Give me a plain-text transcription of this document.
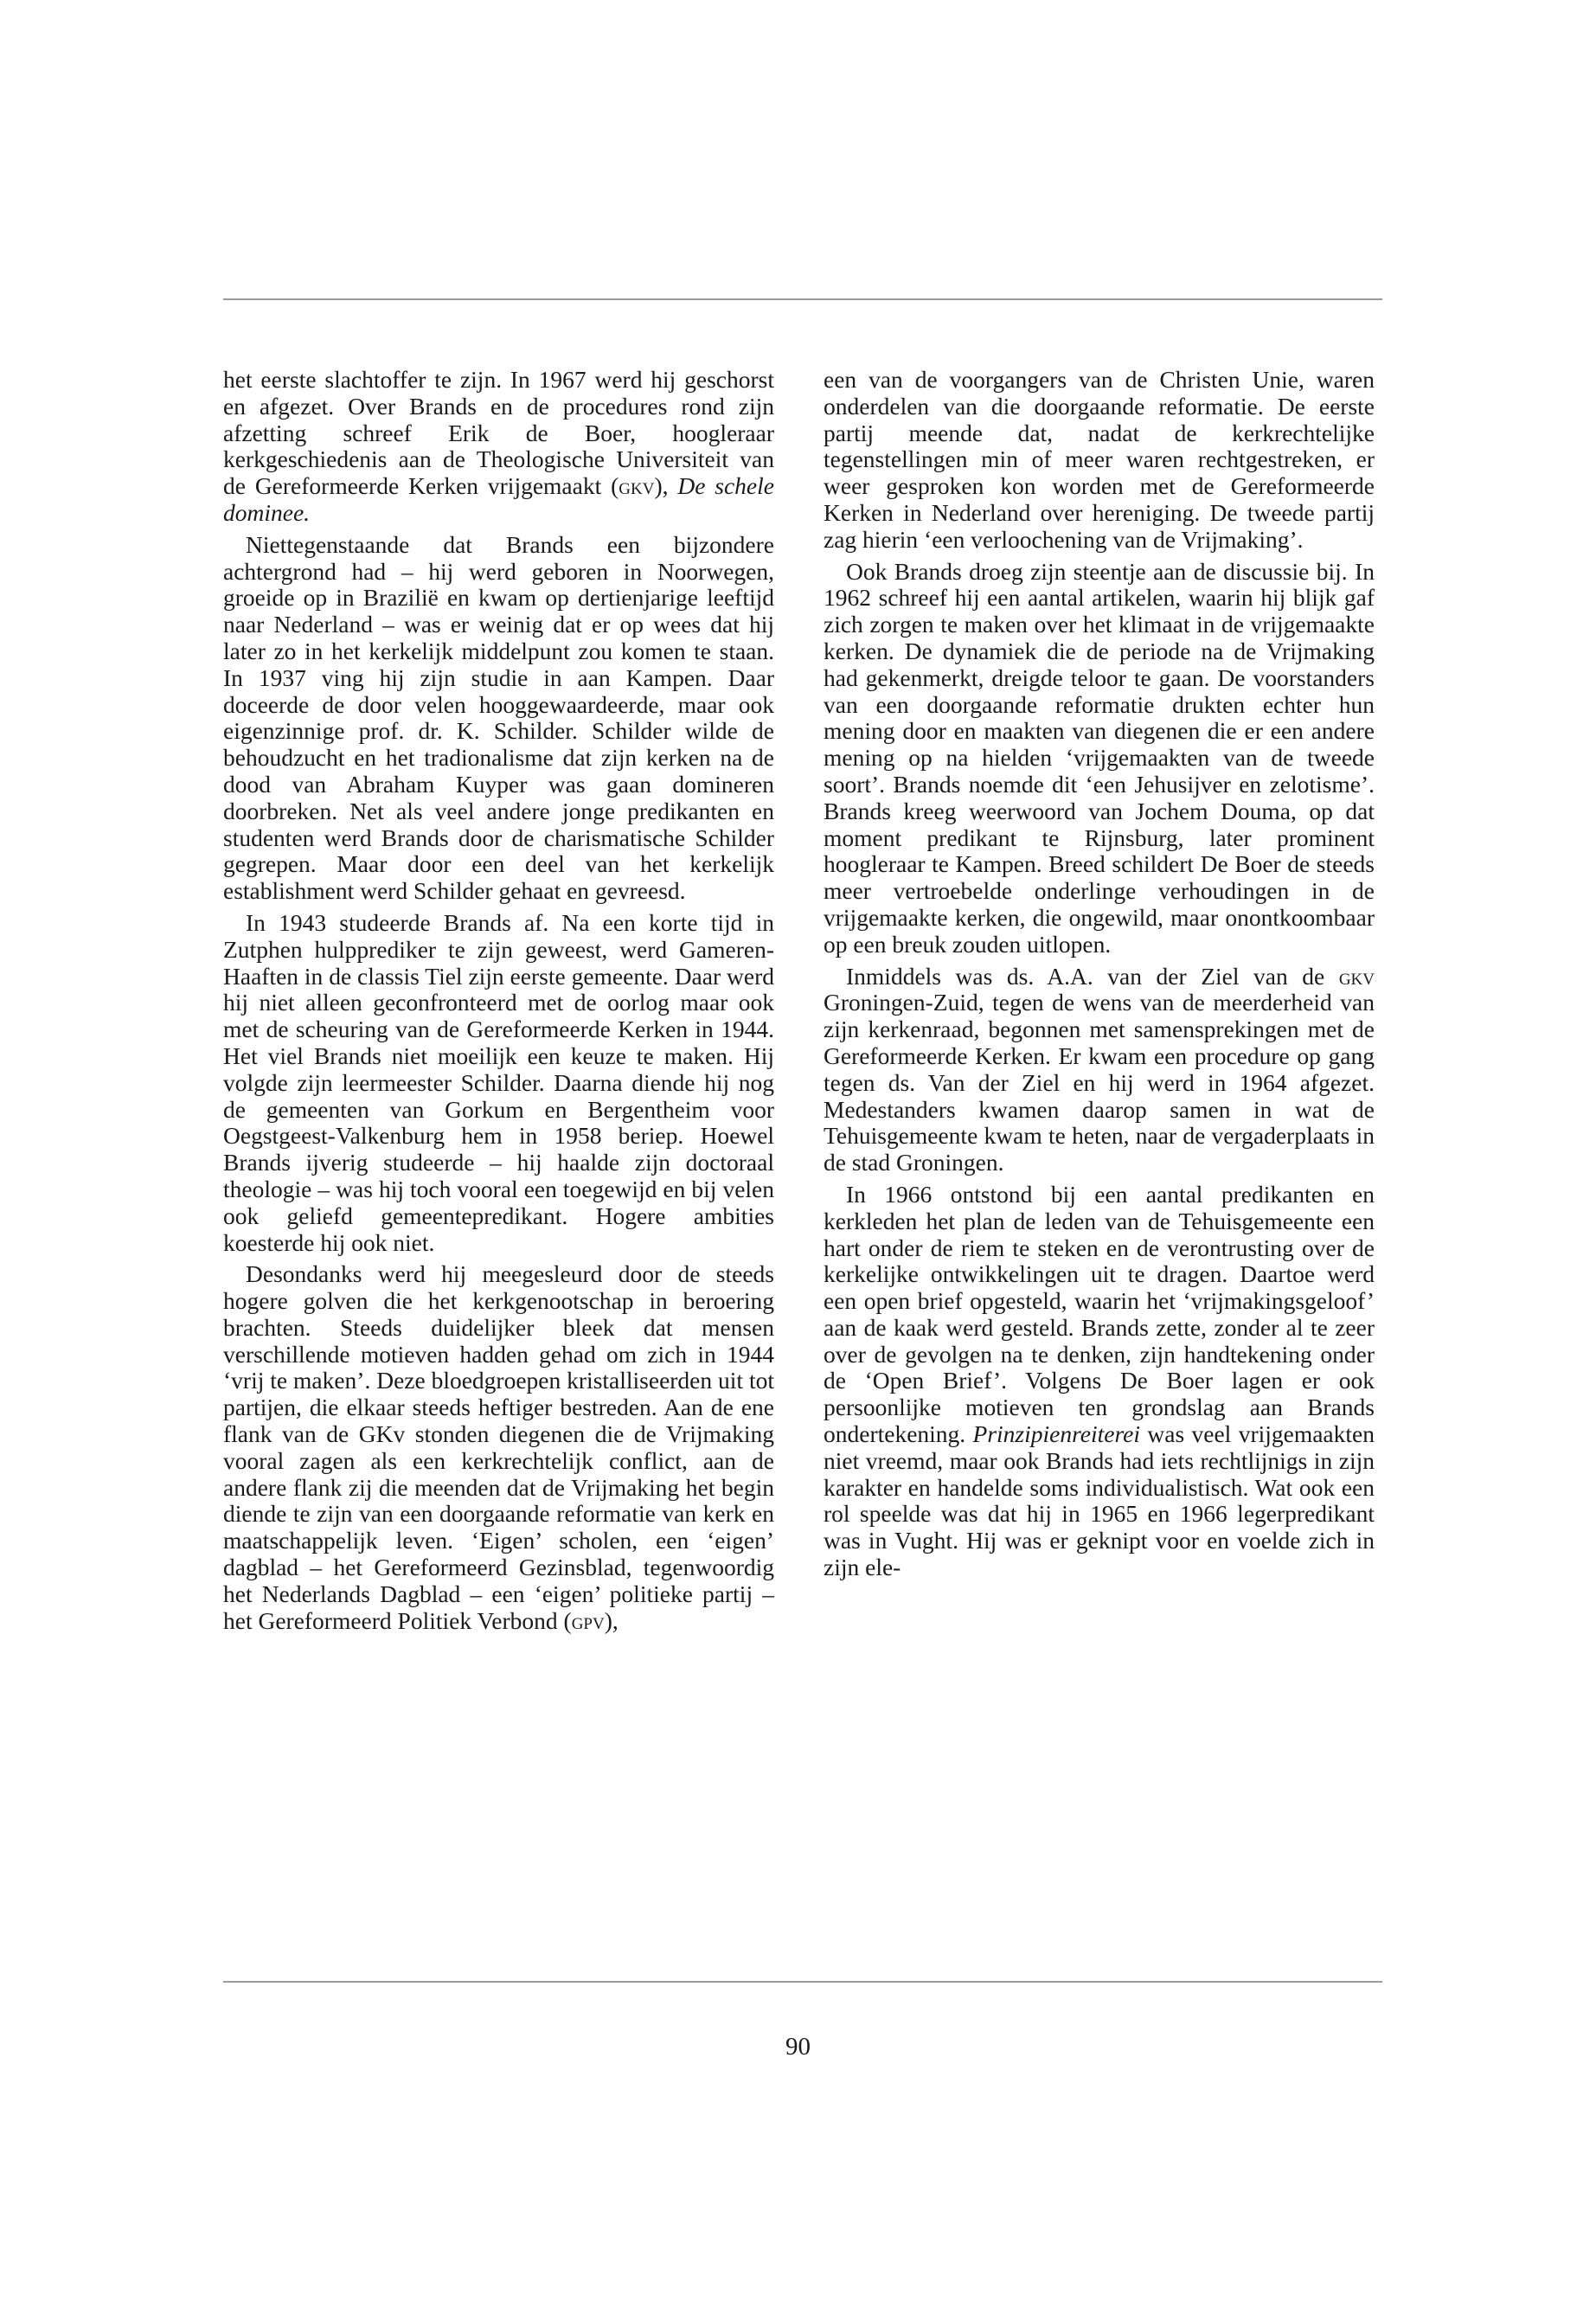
het eerste slachtoffer te zijn. In 1967 werd hij geschorst en afgezet. Over Brands en de procedures rond zijn afzetting schreef Erik de Boer, hoogleraar kerkgeschiedenis aan de Theologische Universiteit van de Gereformeerde Kerken vrijgemaakt (gkv), De schele dominee.

Niettegenstaande dat Brands een bijzondere achtergrond had – hij werd geboren in Noorwegen, groeide op in Brazilië en kwam op dertienjarige leeftijd naar Nederland – was er weinig dat er op wees dat hij later zo in het kerkelijk middelpunt zou komen te staan. In 1937 ving hij zijn studie in aan Kampen. Daar doceerde de door velen hooggewaardeerde, maar ook eigenzinnige prof. dr. K. Schilder. Schilder wilde de behoudzucht en het tradionalisme dat zijn kerken na de dood van Abraham Kuyper was gaan domineren doorbreken. Net als veel andere jonge predikanten en studenten werd Brands door de charismatische Schilder gegrepen. Maar door een deel van het kerkelijk establishment werd Schilder gehaat en gevreesd.

In 1943 studeerde Brands af. Na een korte tijd in Zutphen hulpprediker te zijn geweest, werd Gameren-Haaften in de classis Tiel zijn eerste gemeente. Daar werd hij niet alleen geconfronteerd met de oorlog maar ook met de scheuring van de Gereformeerde Kerken in 1944. Het viel Brands niet moeilijk een keuze te maken. Hij volgde zijn leermeester Schilder. Daarna diende hij nog de gemeenten van Gorkum en Bergentheim voor Oegstgeest-Valkenburg hem in 1958 beriep. Hoewel Brands ijverig studeerde – hij haalde zijn doctoraal theologie – was hij toch vooral een toegewijd en bij velen ook geliefd gemeentepredikant. Hogere ambities koesterde hij ook niet.

Desondanks werd hij meegesleurd door de steeds hogere golven die het kerkgenootschap in beroering brachten. Steeds duidelijker bleek dat mensen verschillende motieven hadden gehad om zich in 1944 ‘vrij te maken’. Deze bloedgroepen kristalliseerden uit tot partijen, die elkaar steeds heftiger bestreden. Aan de ene flank van de GKv stonden diegenen die de Vrijmaking vooral zagen als een kerkrechtelijk conflict, aan de andere flank zij die meenden dat de Vrijmaking het begin diende te zijn van een doorgaande reformatie van kerk en maatschappelijk leven. ‘Eigen’ scholen, een ‘eigen’ dagblad – het Gereformeerd Gezinsblad, tegenwoordig het Nederlands Dagblad – een ‘eigen’ politieke partij – het Gereformeerd Politiek Verbond (gpv),

een van de voorgangers van de Christen Unie, waren onderdelen van die doorgaande reformatie. De eerste partij meende dat, nadat de kerkrechtelijke tegenstellingen min of meer waren rechtgestreken, er weer gesproken kon worden met de Gereformeerde Kerken in Nederland over hereniging. De tweede partij zag hierin ‘een verloochening van de Vrijmaking’.

Ook Brands droeg zijn steentje aan de discussie bij. In 1962 schreef hij een aantal artikelen, waarin hij blijk gaf zich zorgen te maken over het klimaat in de vrijgemaakte kerken. De dynamiek die de periode na de Vrijmaking had gekenmerkt, dreigde teloor te gaan. De voorstanders van een doorgaande reformatie drukten echter hun mening door en maakten van diegenen die er een andere mening op na hielden ‘vrijgemaakten van de tweede soort’. Brands noemde dit ‘een Jehusijver en zelotisme’. Brands kreeg weerwoord van Jochem Douma, op dat moment predikant te Rijnsburg, later prominent hoogleraar te Kampen. Breed schildert De Boer de steeds meer vertroebelde onderlinge verhoudingen in de vrijgemaakte kerken, die ongewild, maar onontkoombaar op een breuk zouden uitlopen.

Inmiddels was ds. A.A. van der Ziel van de gkv Groningen-Zuid, tegen de wens van de meerderheid van zijn kerkenraad, begonnen met samensprekingen met de Gereformeerde Kerken. Er kwam een procedure op gang tegen ds. Van der Ziel en hij werd in 1964 afgezet. Medestanders kwamen daarop samen in wat de Tehuisgemeente kwam te heten, naar de vergaderplaats in de stad Groningen.

In 1966 ontstond bij een aantal predikanten en kerkleden het plan de leden van de Tehuisgemeente een hart onder de riem te steken en de verontrusting over de kerkelijke ontwikkelingen uit te dragen. Daartoe werd een open brief opgesteld, waarin het ‘vrijmakingsgeloof’ aan de kaak werd gesteld. Brands zette, zonder al te zeer over de gevolgen na te denken, zijn handtekening onder de ‘Open Brief’. Volgens De Boer lagen er ook persoonlijke motieven ten grondslag aan Brands ondertekening. Prinzipienreiterei was veel vrijgemaakten niet vreemd, maar ook Brands had iets rechtlijnigs in zijn karakter en handelde soms individualistisch. Wat ook een rol speelde was dat hij in 1965 en 1966 legerpredikant was in Vught. Hij was er geknipt voor en voelde zich in zijn ele-

90
